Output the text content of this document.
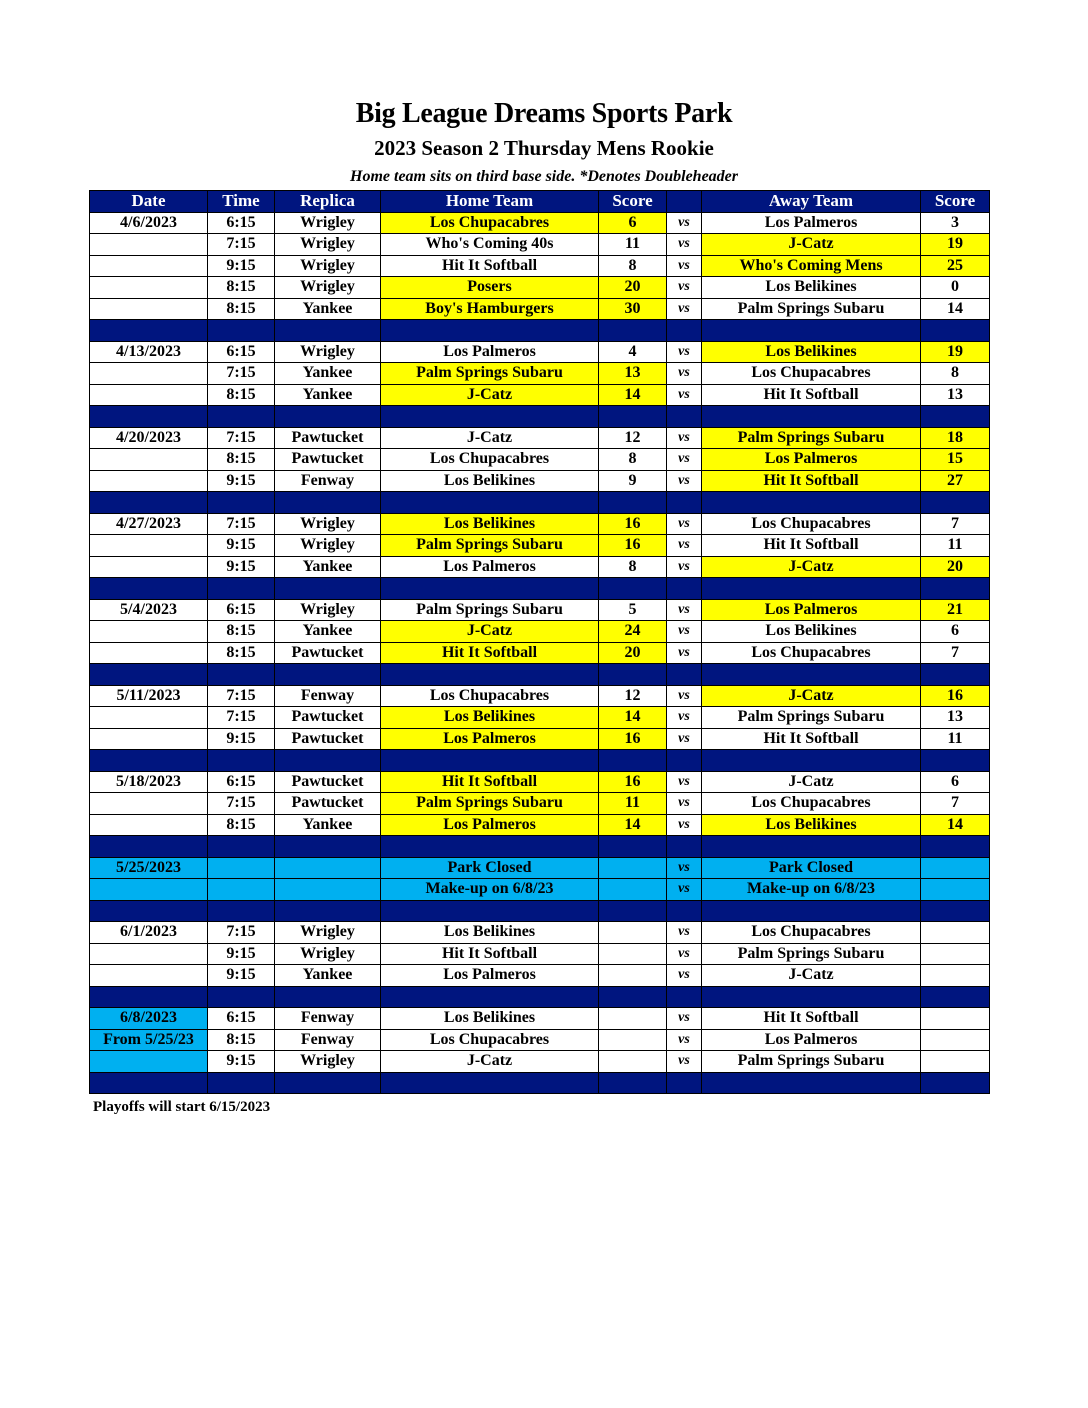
Big League Dreams Sports Park
2023 Season 2 Thursday Mens Rookie
Home team sits on third base side. *Denotes Doubleheader
Date	Time	Replica	Home Team	Score		Away Team	Score
4/6/2023	6:15	Wrigley	Los Chupacabres	6	vs	Los Palmeros	3
	7:15	Wrigley	Who's Coming 40s	11	vs	J-Catz	19
	9:15	Wrigley	Hit It Softball	8	vs	Who's Coming Mens	25
	8:15	Wrigley	Posers	20	vs	Los Belikines	0
	8:15	Yankee	Boy's Hamburgers	30	vs	Palm Springs Subaru	14

4/13/2023	6:15	Wrigley	Los Palmeros	4	vs	Los Belikines	19
	7:15	Yankee	Palm Springs Subaru	13	vs	Los Chupacabres	8
	8:15	Yankee	J-Catz	14	vs	Hit It Softball	13

4/20/2023	7:15	Pawtucket	J-Catz	12	vs	Palm Springs Subaru	18
	8:15	Pawtucket	Los Chupacabres	8	vs	Los Palmeros	15
	9:15	Fenway	Los Belikines	9	vs	Hit It Softball	27

4/27/2023	7:15	Wrigley	Los Belikines	16	vs	Los Chupacabres	7
	9:15	Wrigley	Palm Springs Subaru	16	vs	Hit It Softball	11
	9:15	Yankee	Los Palmeros	8	vs	J-Catz	20

5/4/2023	6:15	Wrigley	Palm Springs Subaru	5	vs	Los Palmeros	21
	8:15	Yankee	J-Catz	24	vs	Los Belikines	6
	8:15	Pawtucket	Hit It Softball	20	vs	Los Chupacabres	7

5/11/2023	7:15	Fenway	Los Chupacabres	12	vs	J-Catz	16
	7:15	Pawtucket	Los Belikines	14	vs	Palm Springs Subaru	13
	9:15	Pawtucket	Los Palmeros	16	vs	Hit It Softball	11

5/18/2023	6:15	Pawtucket	Hit It Softball	16	vs	J-Catz	6
	7:15	Pawtucket	Palm Springs Subaru	11	vs	Los Chupacabres	7
	8:15	Yankee	Los Palmeros	14	vs	Los Belikines	14

5/25/2023			Park Closed		vs	Park Closed	
			Make-up on 6/8/23		vs	Make-up on 6/8/23	

6/1/2023	7:15	Wrigley	Los Belikines		vs	Los Chupacabres	
	9:15	Wrigley	Hit It Softball		vs	Palm Springs Subaru	
	9:15	Yankee	Los Palmeros		vs	J-Catz	

6/8/2023	6:15	Fenway	Los Belikines		vs	Hit It Softball	
From 5/25/23	8:15	Fenway	Los Chupacabres		vs	Los Palmeros	
	9:15	Wrigley	J-Catz		vs	Palm Springs Subaru	

Playoffs will start 6/15/2023
